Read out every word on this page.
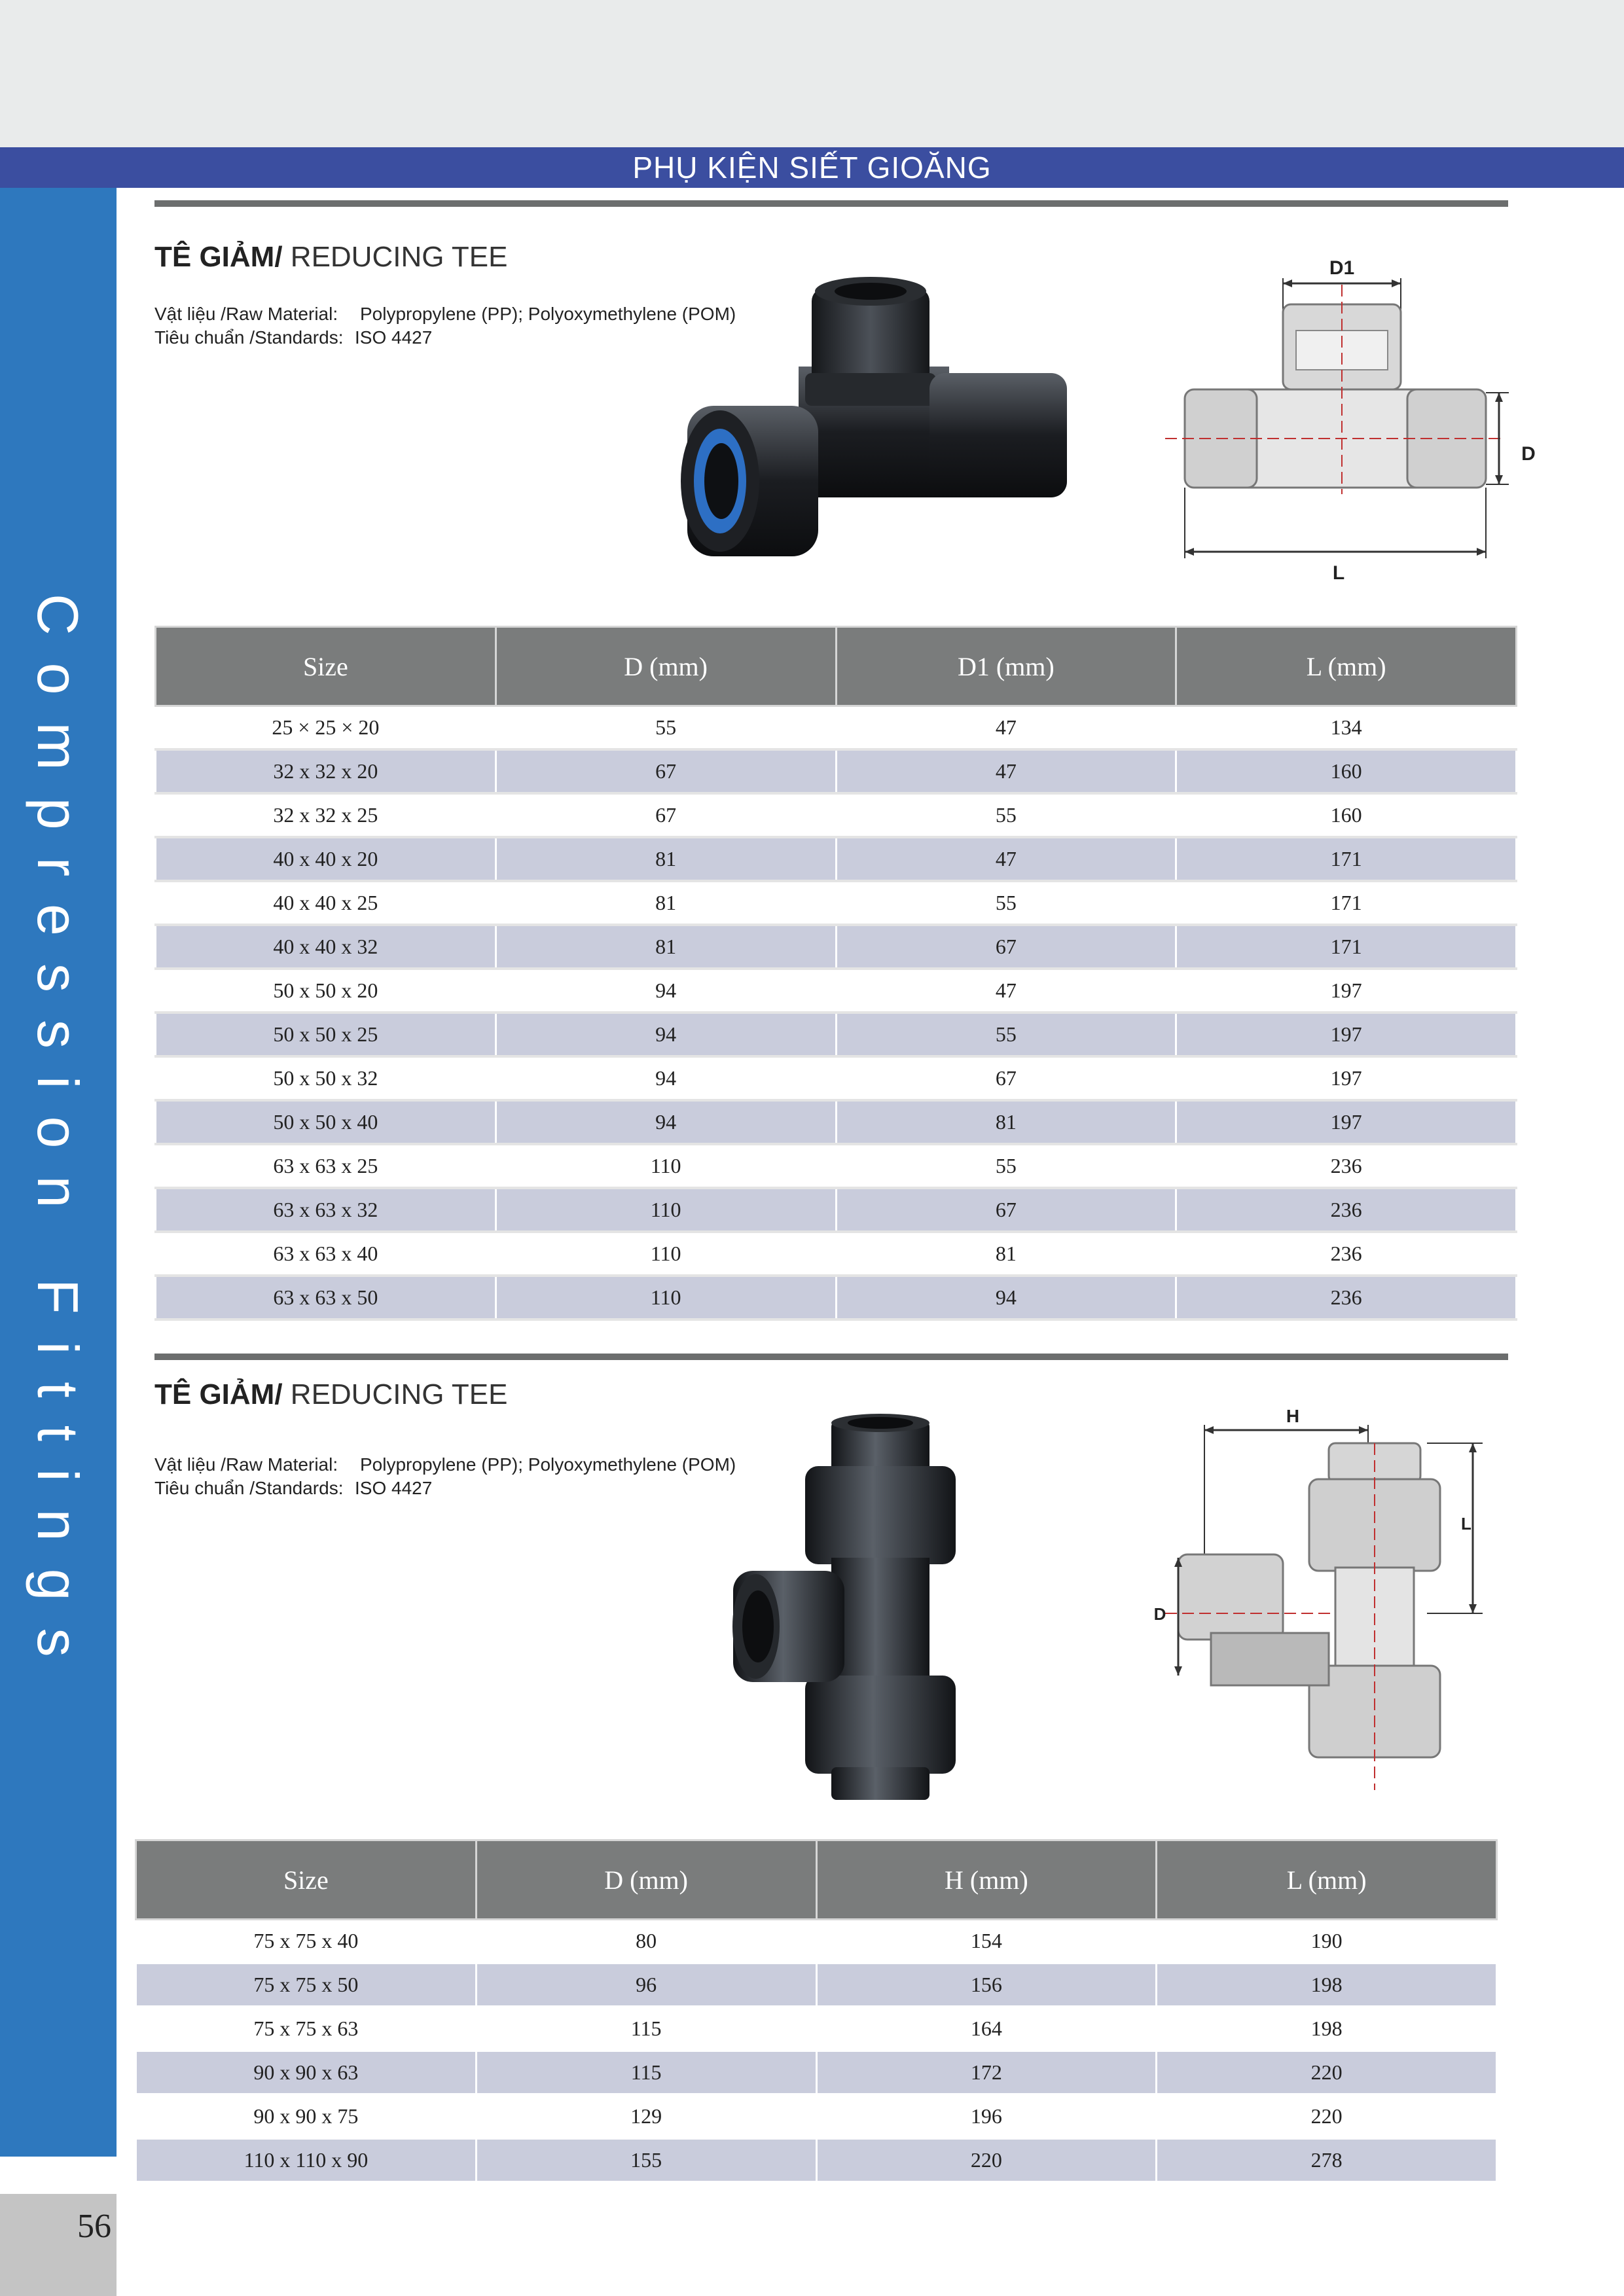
PHỤ KIỆN SIẾT GIOĂNG
Compression Fittings
56
TÊ GIẢM/ REDUCING TEE
Vật liệu /Raw Material: Polypropylene (PP); Polyoxymethylene (POM)
Tiêu chuẩn /Standards: ISO 4427
D1
D
L
Size	D (mm)	D1 (mm)	L (mm)
25 × 25 × 20	55	47	134
32 x 32 x 20	67	47	160
32 x 32 x 25	67	55	160
40 x 40 x 20	81	47	171
40 x 40 x 25	81	55	171
40 x 40 x 32	81	67	171
50 x 50 x 20	94	47	197
50 x 50 x 25	94	55	197
50 x 50 x 32	94	67	197
50 x 50 x 40	94	81	197
63 x 63 x 25	110	55	236
63 x 63 x 32	110	67	236
63 x 63 x 40	110	81	236
63 x 63 x 50	110	94	236
TÊ GIẢM/ REDUCING TEE
Vật liệu /Raw Material: Polypropylene (PP); Polyoxymethylene (POM)
Tiêu chuẩn /Standards: ISO 4427
H
L
D
Size	D (mm)	H (mm)	L (mm)
75 x 75 x 40	80	154	190
75 x 75 x 50	96	156	198
75 x 75 x 63	115	164	198
90 x 90 x 63	115	172	220
90 x 90 x 75	129	196	220
110 x 110 x 90	155	220	278
